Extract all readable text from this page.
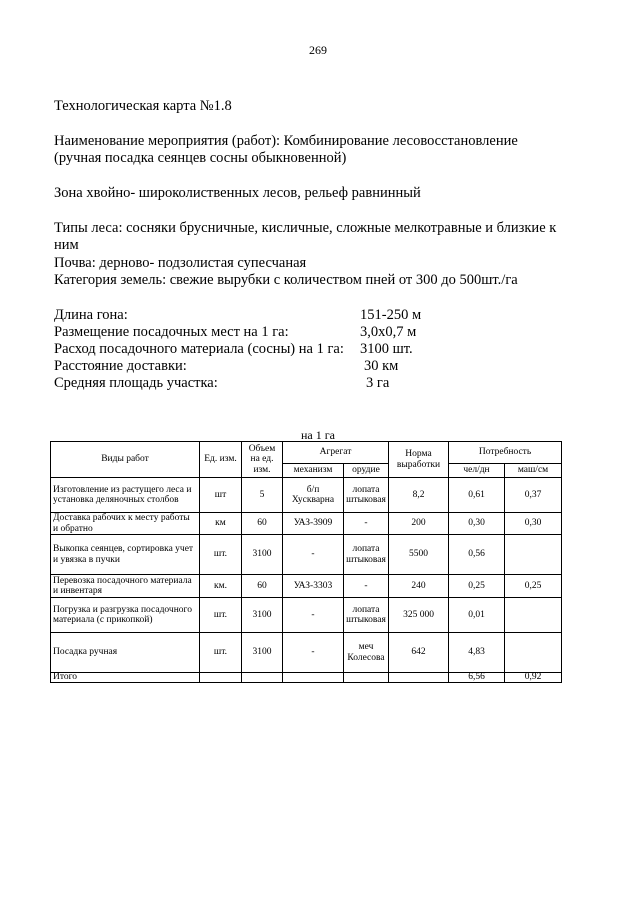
269
Технологическая карта №1.8
Наименование мероприятия (работ): Комбинирование лесовосстановление
(ручная посадка сеянцев сосны обыкновенной)
Зона хвойно- широколиственных лесов, рельеф равнинный
Типы леса: сосняки брусничные, кисличные, сложные мелкотравные и близкие к
ним
Почва: дерново- подзолистая супесчаная
Категория земель: свежие вырубки с количеством пней от 300 до 500шт./га
Длина гона:	151-250 м
Размещение посадочных мест на 1 га:	3,0х0,7 м
Расход посадочного материала (сосны) на 1 га: 3100 шт.
Расстояние доставки:	30 км
Средняя площадь участка:	3 га
на 1 га
Виды работ	Ед. изм.	Объем на ед. изм.	Агрегат		Норма выработки	Потребность	
			механизм	орудие		чел/дн	маш/см
Изготовление из растущего леса и установка деляночных столбов	шт	5	б/п Хускварна	лопата штыковая	8,2	0,61	0,37
Доставка рабочих к месту работы и обратно	км	60	УАЗ-3909	-	200	0,30	0,30
Выкопка сеянцев, сортировка учет и увязка в пучки	шт.	3100	-	лопата штыковая	5500	0,56	
Перевозка посадочного материала и инвентаря	км.	60	УАЗ-3303	-	240	0,25	0,25
Погрузка и разгрузка посадочного материала (с прикопкой)	шт.	3100	-	лопата штыковая	325 000	0,01	
Посадка ручная	шт.	3100	-	меч Колесова	642	4,83	
Итого						6,56	0,92
